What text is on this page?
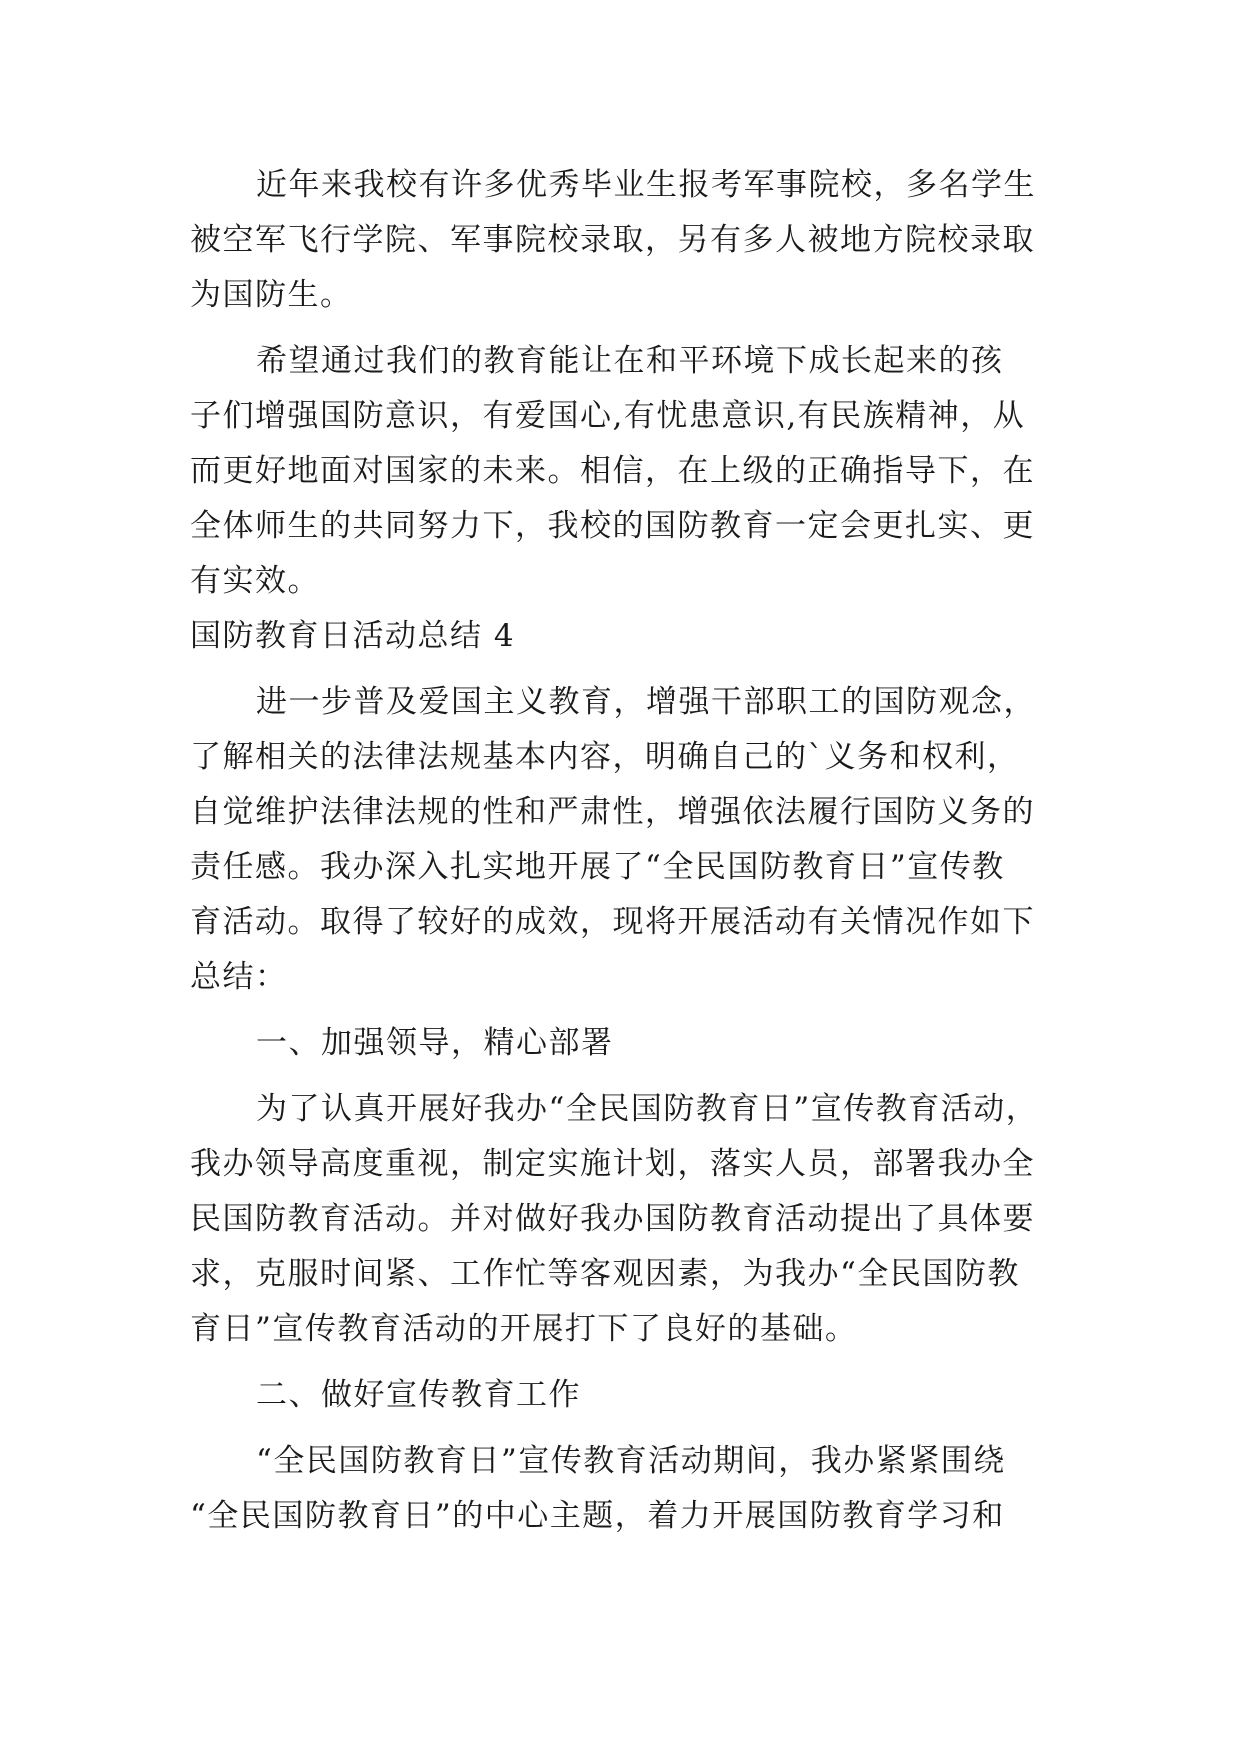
近年来我校有许多优秀毕业生报考军事院校，多名学生
被空军飞行学院、军事院校录取，另有多人被地方院校录取
为国防生。
希望通过我们的教育能让在和平环境下成长起来的孩
子们增强国防意识，有爱国心,有忧患意识,有民族精神，从
而更好地面对国家的未来。相信，在上级的正确指导下，在
全体师生的共同努力下，我校的国防教育一定会更扎实、更
有实效。
国防教育日活动总结 4
进一步普及爱国主义教育，增强干部职工的国防观念，
了解相关的法律法规基本内容，明确自己的`义务和权利，
自觉维护法律法规的性和严肃性，增强依法履行国防义务的
责任感。我办深入扎实地开展了“全民国防教育日”宣传教
育活动。取得了较好的成效，现将开展活动有关情况作如下
总结：
一、加强领导，精心部署
为了认真开展好我办“全民国防教育日”宣传教育活动，
我办领导高度重视，制定实施计划，落实人员，部署我办全
民国防教育活动。并对做好我办国防教育活动提出了具体要
求，克服时间紧、工作忙等客观因素，为我办“全民国防教
育日”宣传教育活动的开展打下了良好的基础。
二、做好宣传教育工作
“全民国防教育日”宣传教育活动期间，我办紧紧围绕
“全民国防教育日”的中心主题，着力开展国防教育学习和
